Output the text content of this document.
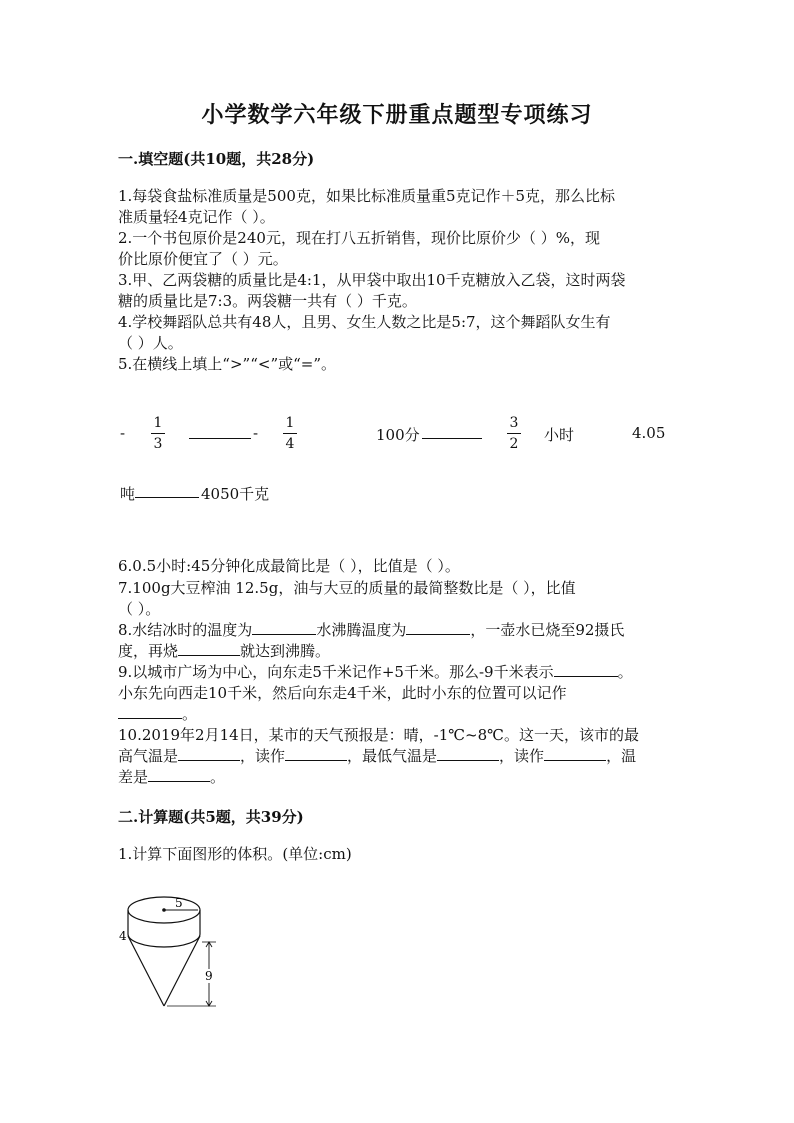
小学数学六年级下册重点题型专项练习
一.填空题(共10题，共28分)
1.每袋食盐标准质量是500克，如果比标准质量重5克记作＋5克，那么比标
准质量轻4克记作（ ）。
2.一个书包原价是240元，现在打八五折销售，现价比原价少（ ）%，现
价比原价便宜了（ ）元。
3.甲、乙两袋糖的质量比是4:1，从甲袋中取出10千克糖放入乙袋，这时两袋
糖的质量比是7:3。两袋糖一共有（ ）千克。
4.学校舞蹈队总共有48人，且男、女生人数之比是5:7，这个舞蹈队女生有
（ ）人。
5.在横线上填上“>”“<”或“=”。
-
1
3
-
1
4	100分
3
2	小时	4.05
吨	4050千克
6.0.5小时:45分钟化成最简比是（ ），比值是（ ）。
7.100g大豆榨油 12.5g，油与大豆的质量的最简整数比是（ ），比值
（ ）。
8.水结冰时的温度为	水沸腾温度为	，一壶水已烧至92摄氏
度，再烧	就达到沸腾。
9.以城市广场为中心，向东走5千米记作+5千米。那么-9千米表示	。
小东先向西走10千米，然后向东走4千米，此时小东的位置可以记作
。
10.2019年2月14日，某市的天气预报是：晴，-1℃~8℃。这一天，该市的最
高气温是	，读作	，最低气温是	，读作	，温
差是	。
二.计算题(共5题，共39分)
1.计算下面图形的体积。(单位:cm)
5
4
9
